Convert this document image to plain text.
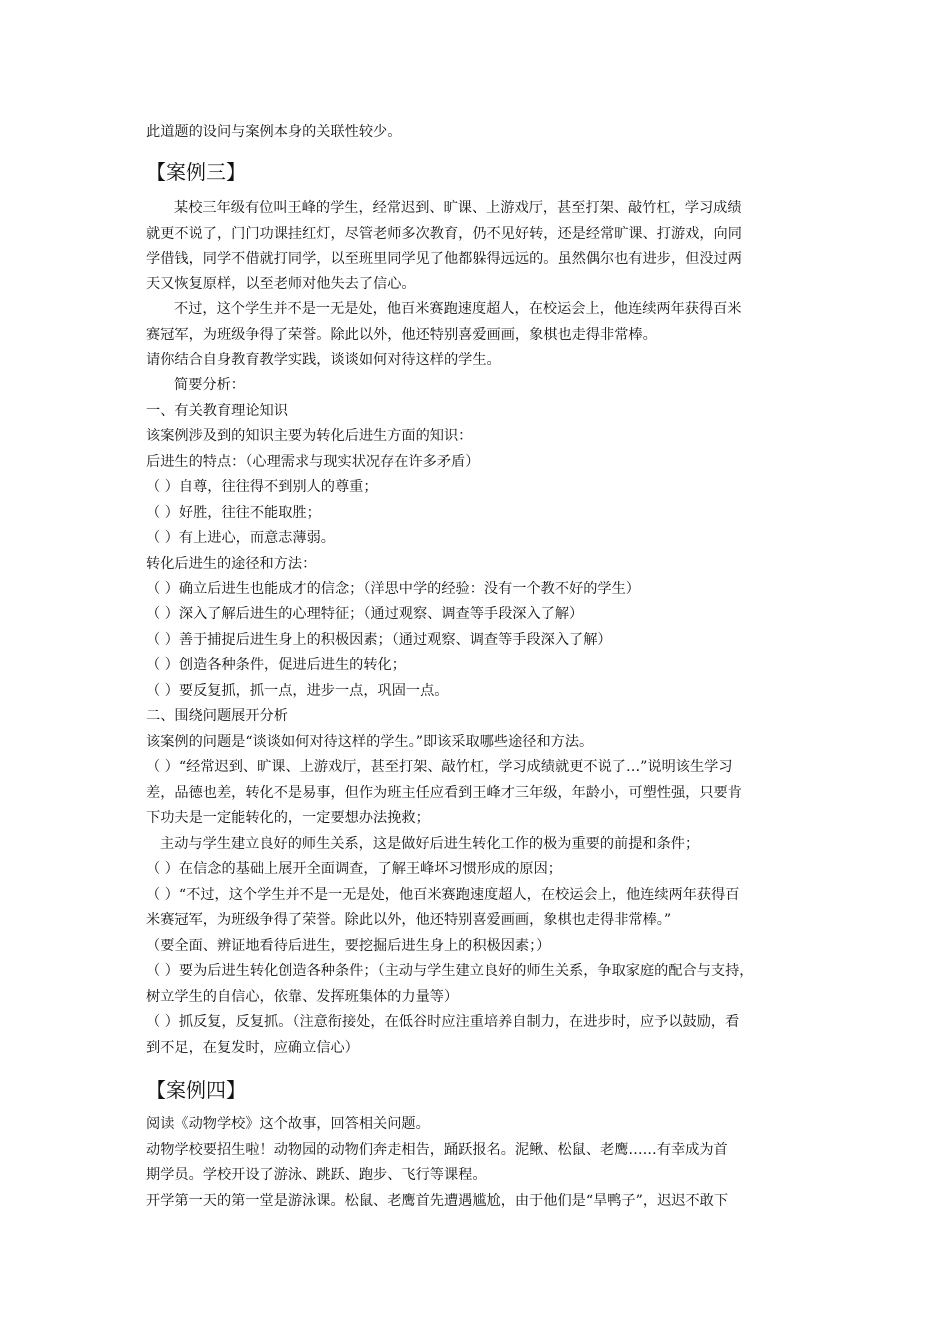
此道题的设问与案例本身的关联性较少。
【案例三】
某校三年级有位叫王峰的学生，经常迟到、旷课、上游戏厅，甚至打架、敲竹杠，学习成绩
就更不说了，门门功课挂红灯，尽管老师多次教育，仍不见好转，还是经常旷课、打游戏，向同
学借钱，同学不借就打同学，以至班里同学见了他都躲得远远的。虽然偶尔也有进步，但没过两
天又恢复原样，以至老师对他失去了信心。
不过，这个学生并不是一无是处，他百米赛跑速度超人，在校运会上，他连续两年获得百米
赛冠军，为班级争得了荣誉。除此以外，他还特别喜爱画画，象棋也走得非常棒。
请你结合自身教育教学实践，谈谈如何对待这样的学生。
简要分析：
一、有关教育理论知识
该案例涉及到的知识主要为转化后进生方面的知识：
后进生的特点：（心理需求与现实状况存在许多矛盾）
（ ）自尊，往往得不到别人的尊重；
（ ）好胜，往往不能取胜；
（ ）有上进心，而意志薄弱。
转化后进生的途径和方法：
（ ）确立后进生也能成才的信念；（洋思中学的经验：没有一个教不好的学生）
（ ）深入了解后进生的心理特征；（通过观察、调查等手段深入了解）
（ ）善于捕捉后进生身上的积极因素；（通过观察、调查等手段深入了解）
（ ）创造各种条件，促进后进生的转化；
（ ）要反复抓，抓一点，进步一点，巩固一点。
二、围绕问题展开分析
该案例的问题是“谈谈如何对待这样的学生。”即该采取哪些途径和方法。
（ ）“经常迟到、旷课、上游戏厅，甚至打架、敲竹杠，学习成绩就更不说了…”说明该生学习
差，品德也差，转化不是易事，但作为班主任应看到王峰才三年级，年龄小，可塑性强，只要肯
下功夫是一定能转化的，一定要想办法挽救；
主动与学生建立良好的师生关系，这是做好后进生转化工作的极为重要的前提和条件；
（ ）在信念的基础上展开全面调查，了解王峰坏习惯形成的原因；
（ ）“不过，这个学生并不是一无是处，他百米赛跑速度超人，在校运会上，他连续两年获得百
米赛冠军，为班级争得了荣誉。除此以外，他还特别喜爱画画，象棋也走得非常棒。”
（要全面、辨证地看待后进生，要挖掘后进生身上的积极因素；）
（ ）要为后进生转化创造各种条件；（主动与学生建立良好的师生关系，争取家庭的配合与支持，
树立学生的自信心，依靠、发挥班集体的力量等）
（ ）抓反复，反复抓。（注意衔接处，在低谷时应注重培养自制力，在进步时，应予以鼓励，看
到不足，在复发时，应确立信心）
【案例四】
阅读《动物学校》这个故事，回答相关问题。
动物学校要招生啦！动物园的动物们奔走相告，踊跃报名。泥鳅、松鼠、老鹰‥‥‥有幸成为首
期学员。学校开设了游泳、跳跃、跑步、飞行等课程。
开学第一天的第一堂是游泳课。松鼠、老鹰首先遭遇尴尬，由于他们是“旱鸭子”，迟迟不敢下
